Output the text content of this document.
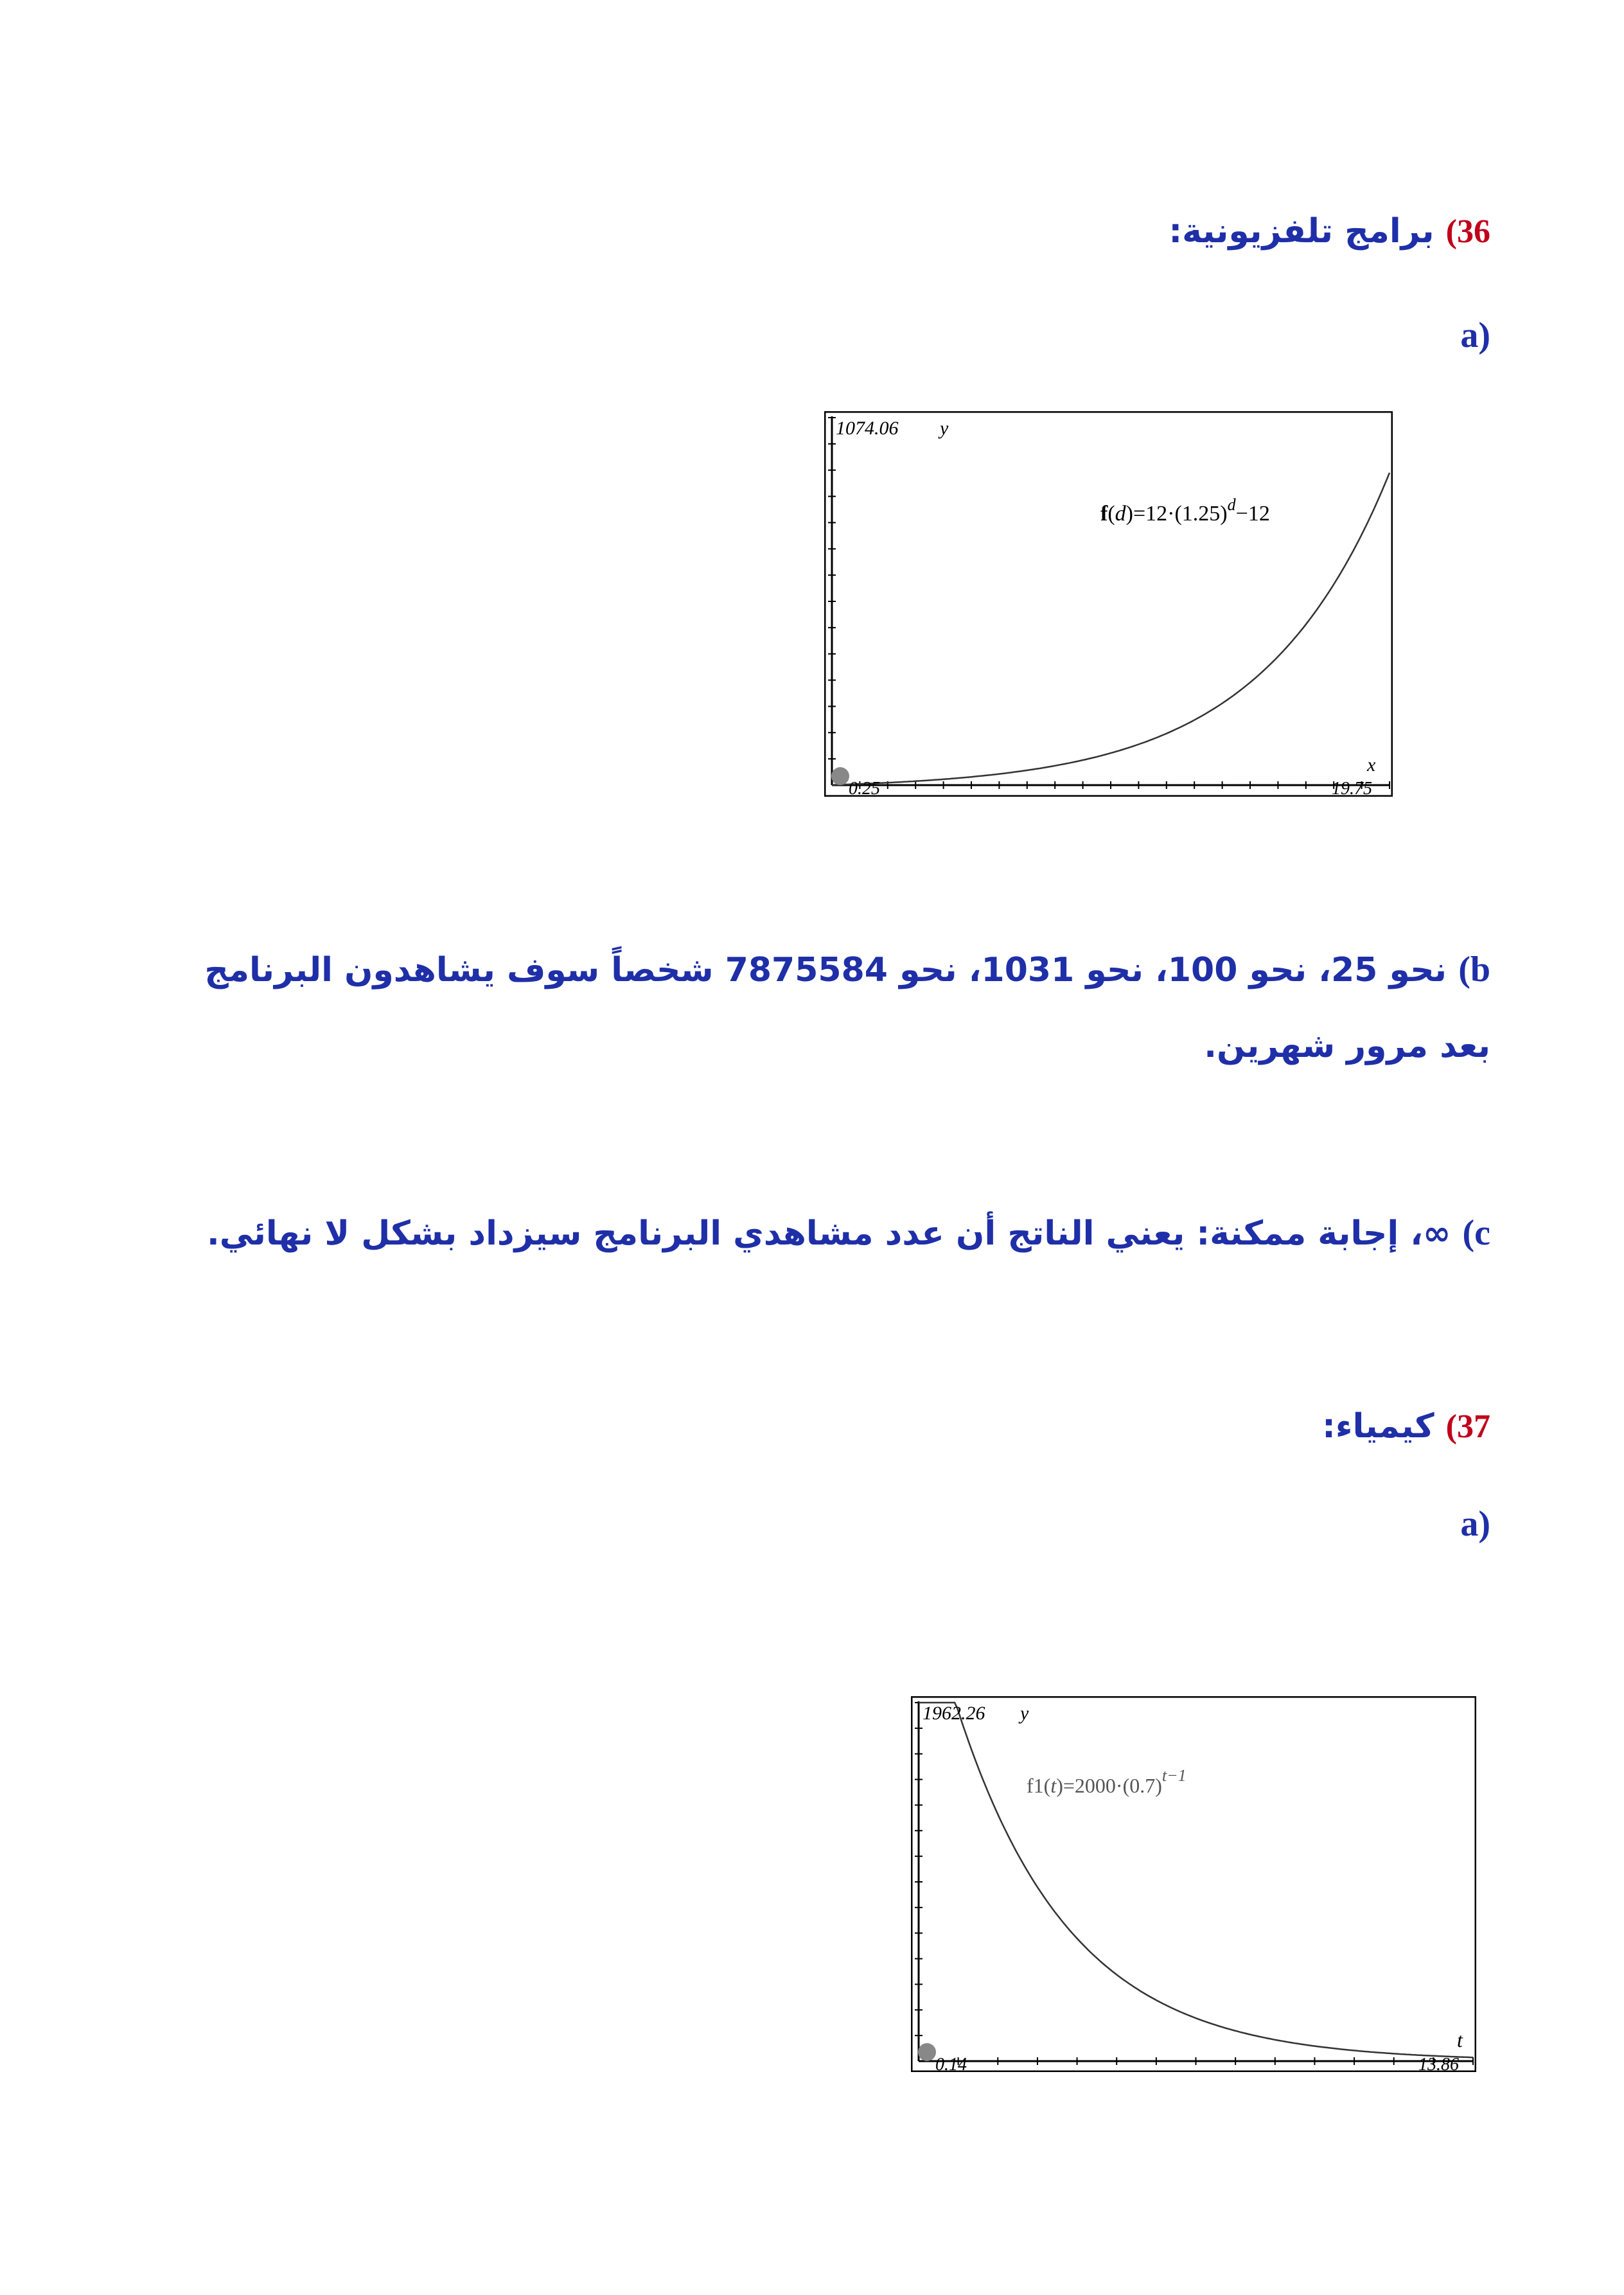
36) برامج تلفزيونية:
(a
1074.06 y
x
0.25	19.75
$f(d)=12\cdot(1.25)^d-12$
b) نحو 25، نحو 100، نحو 1031، نحو 7875584 شخصاً سوف يشاهدون البرنامج بعد مرور شهرين.
c) ∞، إجابة ممكنة: يعني الناتج أن عدد مشاهدي البرنامج سيزداد بشكل لا نهائي.
37) كيمياء:
(a
1962.26 y
t
0.14	13.86
$f1(t)=2000\cdot(0.7)^{t-1}$
